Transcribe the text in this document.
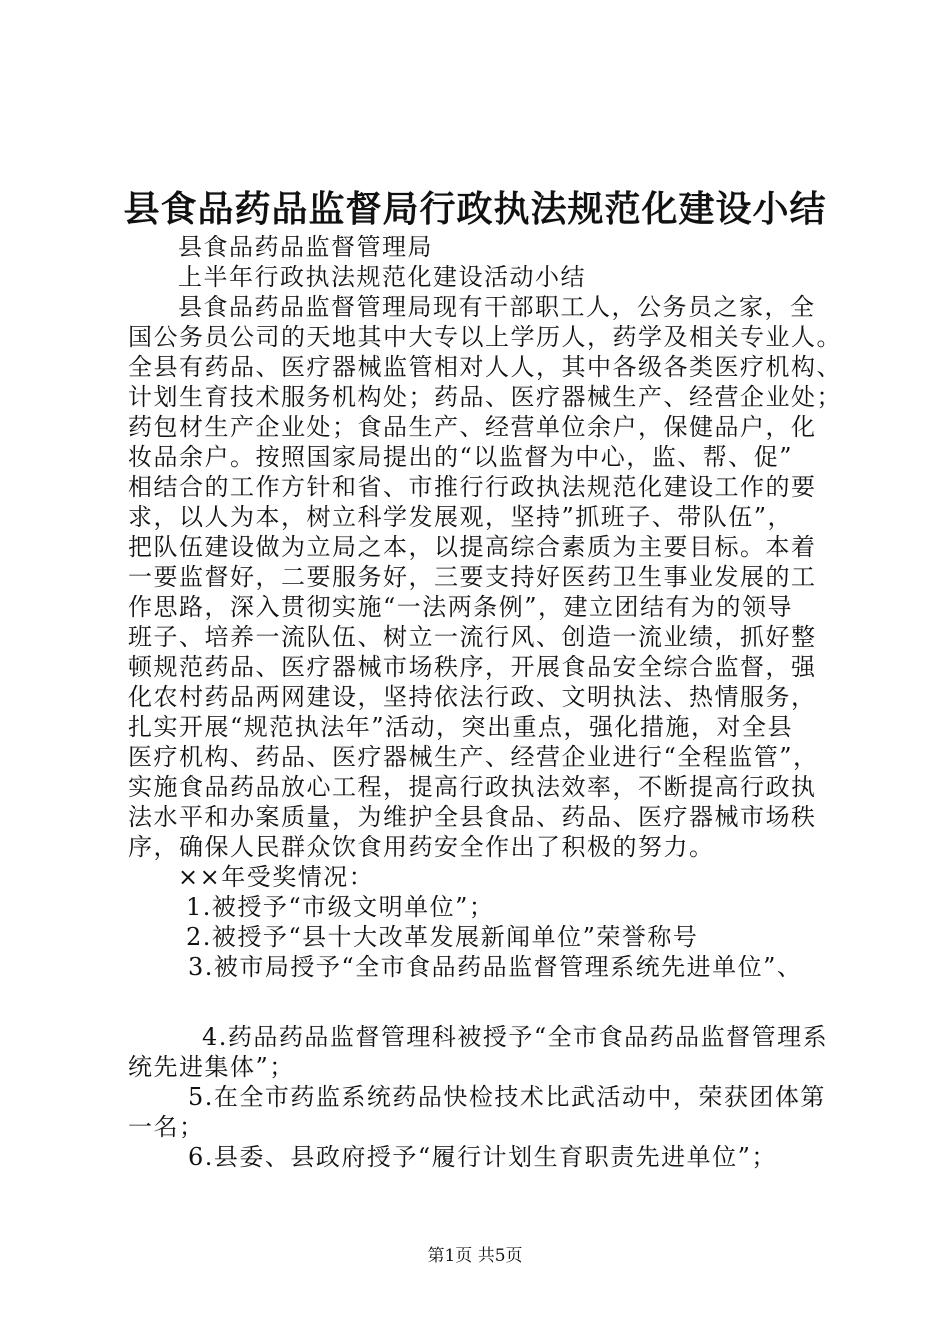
县食品药品监督局行政执法规范化建设小结
县食品药品监督管理局
上半年行政执法规范化建设活动小结
县食品药品监督管理局现有干部职工人，公务员之家，全
国公务员公司的天地其中大专以上学历人，药学及相关专业人。
全县有药品、医疗器械监管相对人人，其中各级各类医疗机构、
计划生育技术服务机构处；药品、医疗器械生产、经营企业处；
药包材生产企业处；食品生产、经营单位余户，保健品户，化
妆品余户。按照国家局提出的“以监督为中心，监、帮、促”
相结合的工作方针和省、市推行行政执法规范化建设工作的要
求，以人为本，树立科学发展观，坚持”抓班子、带队伍”，
把队伍建设做为立局之本，以提高综合素质为主要目标。本着
一要监督好，二要服务好，三要支持好医药卫生事业发展的工
作思路，深入贯彻实施“一法两条例”，建立团结有为的领导
班子、培养一流队伍、树立一流行风、创造一流业绩，抓好整
顿规范药品、医疗器械市场秩序，开展食品安全综合监督，强
化农村药品两网建设，坚持依法行政、文明执法、热情服务，
扎实开展“规范执法年”活动，突出重点，强化措施，对全县
医疗机构、药品、医疗器械生产、经营企业进行“全程监管”，
实施食品药品放心工程，提高行政执法效率，不断提高行政执
法水平和办案质量，为维护全县食品、药品、医疗器械市场秩
序，确保人民群众饮食用药安全作出了积极的努力。
××年受奖情况：
1.被授予“市级文明单位”；
2.被授予“县十大改革发展新闻单位”荣誉称号
3.被市局授予“全市食品药品监督管理系统先进单位”、
4.药品药品监督管理科被授予“全市食品药品监督管理系
统先进集体”；
5.在全市药监系统药品快检技术比武活动中，荣获团体第
一名；
6.县委、县政府授予“履行计划生育职责先进单位”；
第1页 共5页
